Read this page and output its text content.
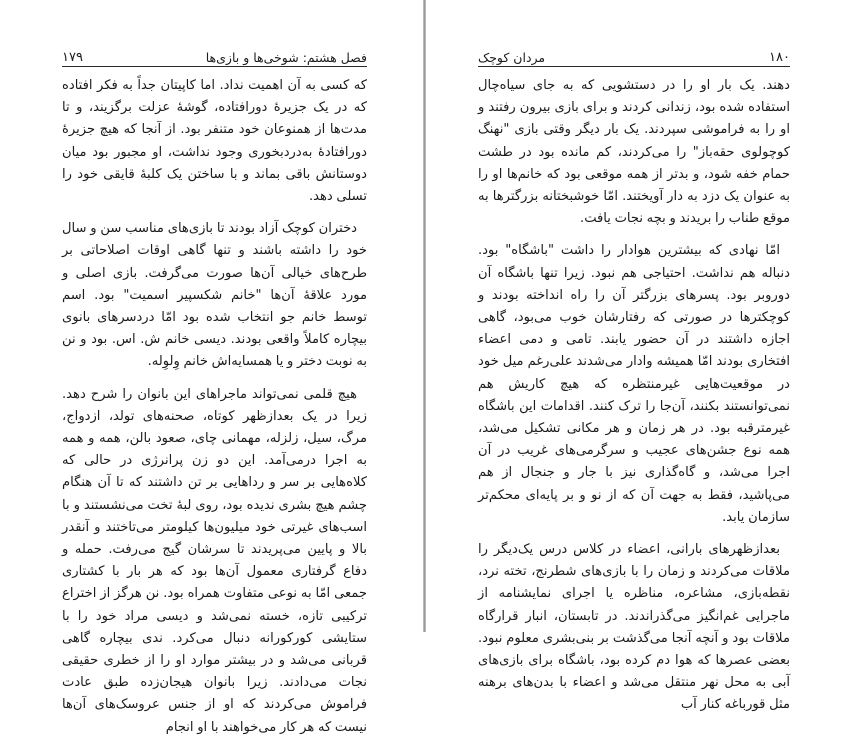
۱۷۹	فصل هشتم: شوخی‌ها و بازی‌ها

که کسی به آن اهمیت نداد. اما کاپیتان جداً به فکر افتاده که در یک جزیرهٔ دورافتاده، گوشهٔ عزلت برگزیند، و تا مدت‌ها از همنوعان خود متنفر بود. از آنجا که هیچ جزیرهٔ دورافتادهٔ به‌دردبخوری وجود نداشت، او مجبور بود میان دوستانش باقی بماند و با ساختن یک کلبهٔ قایقی خود را تسلی دهد.

دختران کوچک آزاد بودند تا بازی‌های مناسب سن و سال خود را داشته باشند و تنها گاهی اوقات اصلاحاتی بر طرح‌های خیالی آن‌ها صورت می‌گرفت. بازی اصلی و مورد علاقهٔ آن‌ها "خانم شکسپیر اسمیت" بود. اسم توسط خانم جو انتخاب شده بود امّا دردسرهای بانوی بیچاره کاملاً واقعی بودند. دیسی خانم ش. اس. بود و نن به نوبت دختر و یا همسایه‌اش خانم وِلوِله.

هیچ قلمی نمی‌تواند ماجراهای این بانوان را شرح دهد. زیرا در یک بعدازظهر کوتاه، صحنه‌های تولد، ازدواج، مرگ، سیل، زلزله، مهمانی چای، صعود بالن، همه و همه به اجرا درمی‌آمد. این دو زن پرانرژی در حالی که کلاه‌هایی بر سر و ردا‌هایی بر تن داشتند که تا آن هنگام چشم هیچ بشری ندیده بود، روی لبهٔ تخت می‌نشستند و با اسب‌های غیرتی خود میلیون‌ها کیلومتر می‌تاختند و آنقدر بالا و پایین می‌پریدند تا سرشان گیج می‌رفت. حمله و دفاع گرفتاری معمول آن‌ها بود که هر بار با کشتاری جمعی امّا به نوعی متفاوت همراه بود. نن هرگز از اختراع ترکیبی تازه، خسته نمی‌شد و دیسی مراد خود را با ستایشی کورکورانه دنبال می‌کرد. ندی بیچاره گاهی قربانی می‌شد و در بیشتر موارد او را از خطری حقیقی نجات می‌دادند. زیرا بانوان هیجان‌زده طبق عادت فراموش می‌کردند که او از جنس عروسک‌های آن‌ها نیست که هر کار می‌خواهند با او انجام

مردان کوچک	۱۸۰

دهند. یک بار او را در دستشویی که به جای سیاه‌چال استفاده شده بود، زندانی کردند و برای بازی بیرون رفتند و او را به فراموشی سپردند. یک بار دیگر وقتی بازی "نهنگ کوچولوی حقه‌باز" را می‌کردند، کم مانده بود در طشت حمام خفه شود، و بدتر از همه موقعی بود که خانم‌ها او را به عنوان یک دزد به دار آویختند. امّا خوشبختانه بزرگترها به موقع طناب را بریدند و بچه نجات یافت.

امّا نهادی که بیشترین هوادار را داشت "باشگاه" بود. دنباله هم نداشت. احتیاجی هم نبود. زیرا تنها باشگاه آن دوروبر بود. پسرهای بزرگتر آن را راه انداخته بودند و کوچکترها در صورتی که رفتارشان خوب می‌بود، گاهی اجازه داشتند در آن حضور یابند. تامی و دمی اعضاء افتخاری بودند امّا همیشه وادار می‌شدند علی‌رغم میل خود در موقعیت‌هایی غیرمنتظره که هیچ کاریش هم نمی‌توانستند بکنند، آن‌جا را ترک کنند. اقدامات این باشگاه غیرمترقبه بود. در هر زمان و هر مکانی تشکیل می‌شد، همه نوع جشن‌های عجیب و سرگرمی‌های غریب در آن اجرا می‌شد، و گاه‌گذاری نیز با جار و جنجال از هم می‌پاشید، فقط به جهت آن که از نو و بر پایه‌ای محکم‌تر سازمان یابد.

بعدازظهرهای بارانی، اعضاء در کلاس درس یک‌دیگر را ملاقات می‌کردند و زمان را با بازی‌های شطرنج، تخته نرد، نقطه‌بازی، مشاعره، مناظره یا اجرای نمایشنامه از ماجرایی غم‌انگیز می‌گذراندند. در تابستان، انبار قرارگاه ملاقات بود و آنچه آنجا می‌گذشت بر بنی‌بشری معلوم نبود. بعضی عصرها که هوا دم کرده بود، باشگاه برای بازی‌های آبی به محل نهر منتقل می‌شد و اعضاء با بدن‌های برهنه مثل قورباغه کنار آب
